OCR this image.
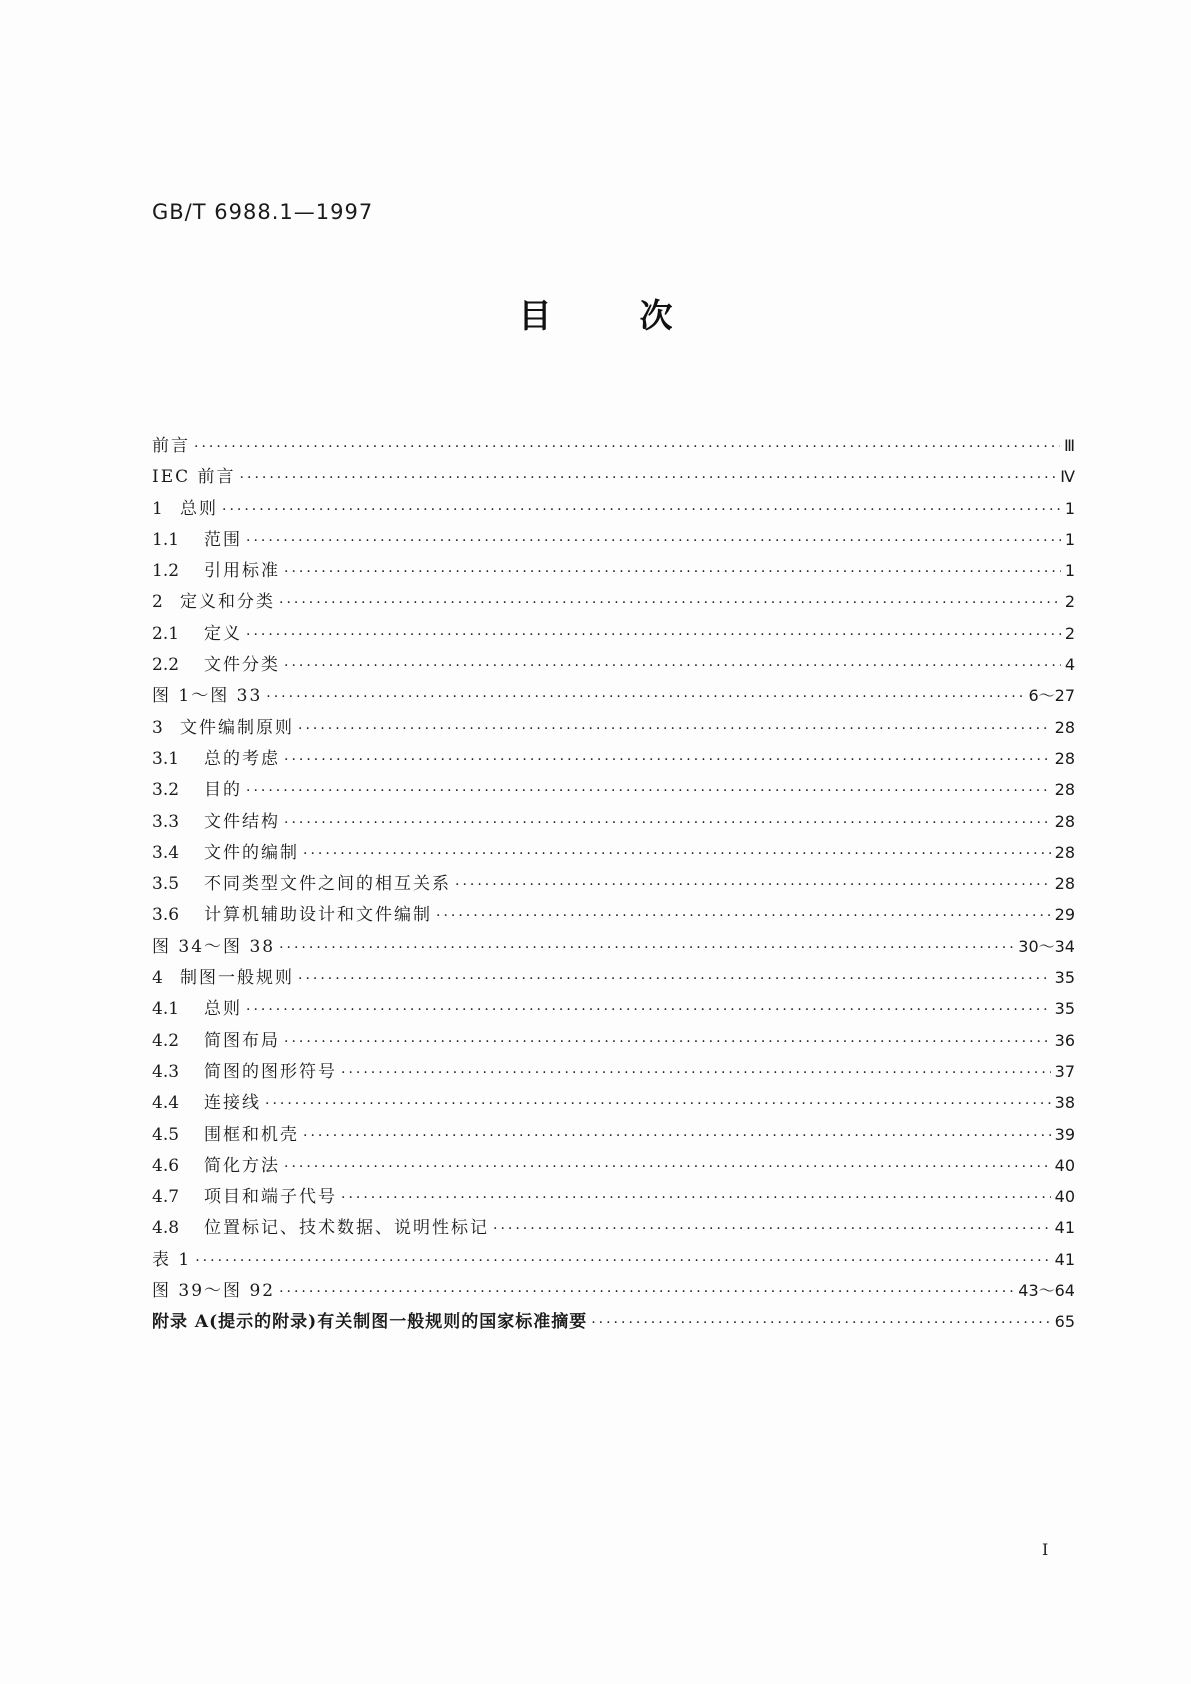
GB/T 6988.1—1997
目次
前言 ·····	Ⅲ
IEC 前言 ·····	Ⅳ
1	总则 ·····	1
1.1	范围 ·····	1
1.2	引用标准 ·····	1
2	定义和分类 ·····	2
2.1	定义 ·····	2
2.2	文件分类 ·····	4
图 1～图 33 ·····	6～27
3	文件编制原则 ·····	28
3.1	总的考虑 ·····	28
3.2	目的 ·····	28
3.3	文件结构 ·····	28
3.4	文件的编制 ·····	28
3.5	不同类型文件之间的相互关系 ·····	28
3.6	计算机辅助设计和文件编制 ·····	29
图 34～图 38 ·····	30～34
4	制图一般规则 ·····	35
4.1	总则 ·····	35
4.2	简图布局 ·····	36
4.3	简图的图形符号 ·····	37
4.4	连接线 ·····	38
4.5	围框和机壳 ·····	39
4.6	简化方法 ·····	40
4.7	项目和端子代号 ·····	40
4.8	位置标记、技术数据、说明性标记 ·····	41
表 1 ·····	41
图 39～图 92 ·····	43～64
附录 A(提示的附录)有关制图一般规则的国家标准摘要 ·····	65
I
